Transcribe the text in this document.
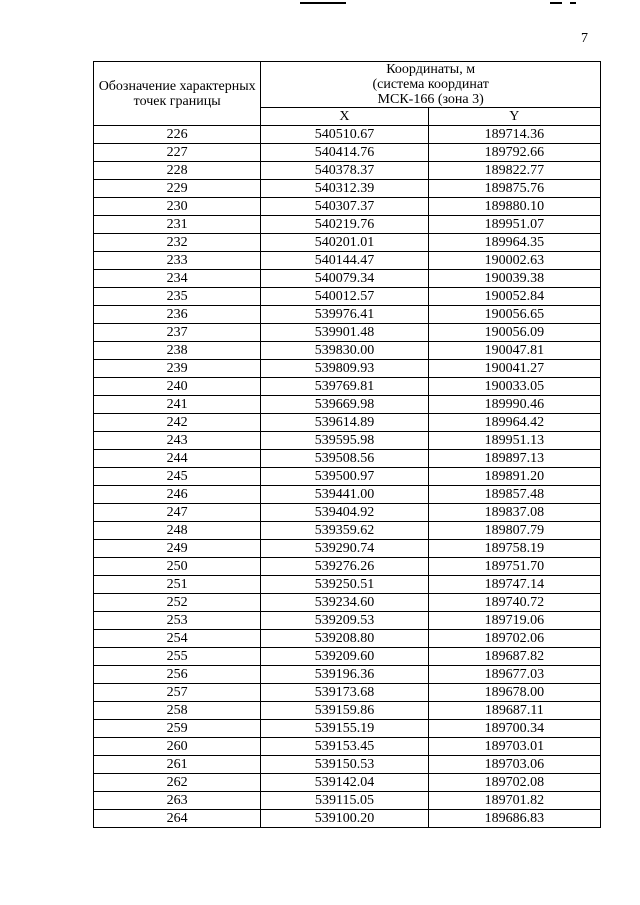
7
Обозначение характерных точек границы	Координаты, м
(система координат
МСК-166 (зона 3)	

	X	Y
226	540510.67	189714.36
227	540414.76	189792.66
228	540378.37	189822.77
229	540312.39	189875.76
230	540307.37	189880.10
231	540219.76	189951.07
232	540201.01	189964.35
233	540144.47	190002.63
234	540079.34	190039.38
235	540012.57	190052.84
236	539976.41	190056.65
237	539901.48	190056.09
238	539830.00	190047.81
239	539809.93	190041.27
240	539769.81	190033.05
241	539669.98	189990.46
242	539614.89	189964.42
243	539595.98	189951.13
244	539508.56	189897.13
245	539500.97	189891.20
246	539441.00	189857.48
247	539404.92	189837.08
248	539359.62	189807.79
249	539290.74	189758.19
250	539276.26	189751.70
251	539250.51	189747.14
252	539234.60	189740.72
253	539209.53	189719.06
254	539208.80	189702.06
255	539209.60	189687.82
256	539196.36	189677.03
257	539173.68	189678.00
258	539159.86	189687.11
259	539155.19	189700.34
260	539153.45	189703.01
261	539150.53	189703.06
262	539142.04	189702.08
263	539115.05	189701.82
264	539100.20	189686.83
